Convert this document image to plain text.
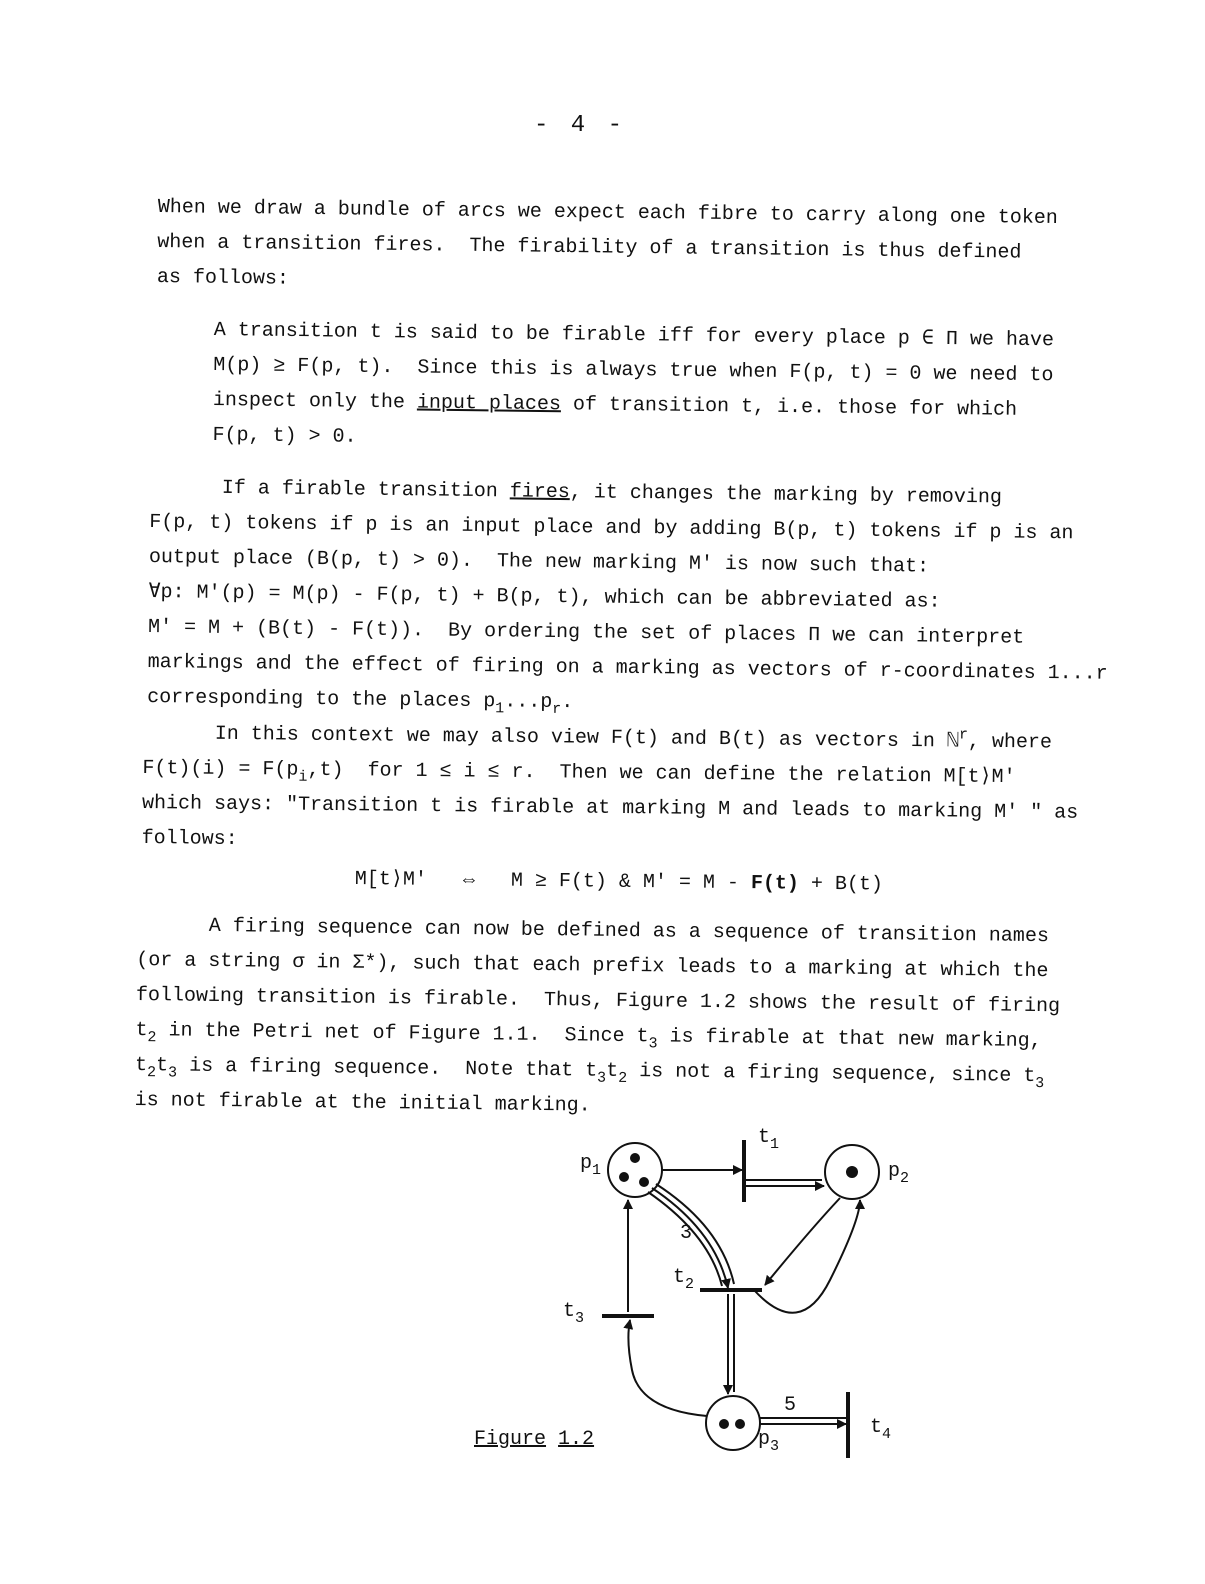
- 4 -
When we draw a bundle of arcs we expect each fibre to carry along one token
when a transition fires.  The firability of a transition is thus defined
as follows:
A transition t is said to be firable iff for every place p ∈ Π we have
M(p) ≥ F(p, t).  Since this is always true when F(p, t) = 0 we need to
inspect only the input places of transition t, i.e. those for which
F(p, t) > 0.
If a firable transition fires, it changes the marking by removing
F(p, t) tokens if p is an input place and by adding B(p, t) tokens if p is an
output place (B(p, t) > 0).  The new marking M' is now such that:
∀p: M'(p) = M(p) - F(p, t) + B(p, t), which can be abbreviated as:
M' = M + (B(t) - F(t)).  By ordering the set of places Π we can interpret
markings and the effect of firing on a marking as vectors of r-coordinates 1...r
corresponding to the places $p_1...p_r$.
In this context we may also view F(t) and B(t) as vectors in ℕ$^r$, where
$F(t)(i) = F(p_i,t)$  for 1 ≤ i ≤ r.  Then we can define the relation M[t⟩M'
which says: "Transition t is firable at marking M and leads to marking M' " as
follows:
M[t⟩M' ⇔ M ≥ F(t) & M' = M - F(t) + B(t)
A firing sequence can now be defined as a sequence of transition names
(or a string σ in Σ*), such that each prefix leads to a marking at which the
following transition is firable.  Thus, Figure 1.2 shows the result of firing
$t_2$ in the Petri net of Figure 1.1.  Since $t_3$ is firable at that new marking,
$t_2t_3$ is a firing sequence.  Note that $t_3t_2$ is not a firing sequence, since $t_3$
is not firable at the initial marking.
$p_1$	$p_2$
$p_3$
$t_1$
$t_2$
$t_3$
$t_4$
3
5
Figure 1.2
